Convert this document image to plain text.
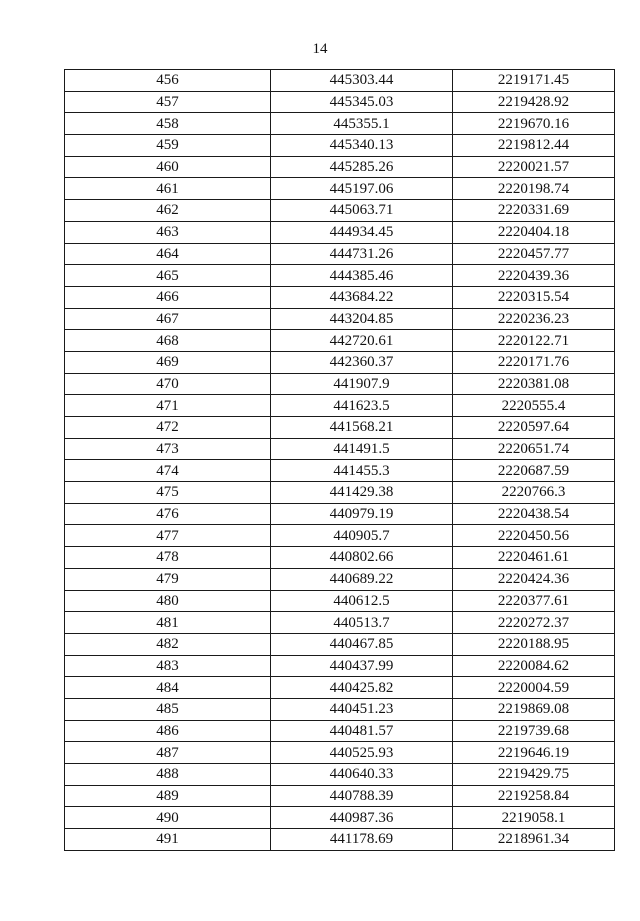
14
456	445303.44	2219171.45
457	445345.03	2219428.92
458	445355.1	2219670.16
459	445340.13	2219812.44
460	445285.26	2220021.57
461	445197.06	2220198.74
462	445063.71	2220331.69
463	444934.45	2220404.18
464	444731.26	2220457.77
465	444385.46	2220439.36
466	443684.22	2220315.54
467	443204.85	2220236.23
468	442720.61	2220122.71
469	442360.37	2220171.76
470	441907.9	2220381.08
471	441623.5	2220555.4
472	441568.21	2220597.64
473	441491.5	2220651.74
474	441455.3	2220687.59
475	441429.38	2220766.3
476	440979.19	2220438.54
477	440905.7	2220450.56
478	440802.66	2220461.61
479	440689.22	2220424.36
480	440612.5	2220377.61
481	440513.7	2220272.37
482	440467.85	2220188.95
483	440437.99	2220084.62
484	440425.82	2220004.59
485	440451.23	2219869.08
486	440481.57	2219739.68
487	440525.93	2219646.19
488	440640.33	2219429.75
489	440788.39	2219258.84
490	440987.36	2219058.1
491	441178.69	2218961.34
